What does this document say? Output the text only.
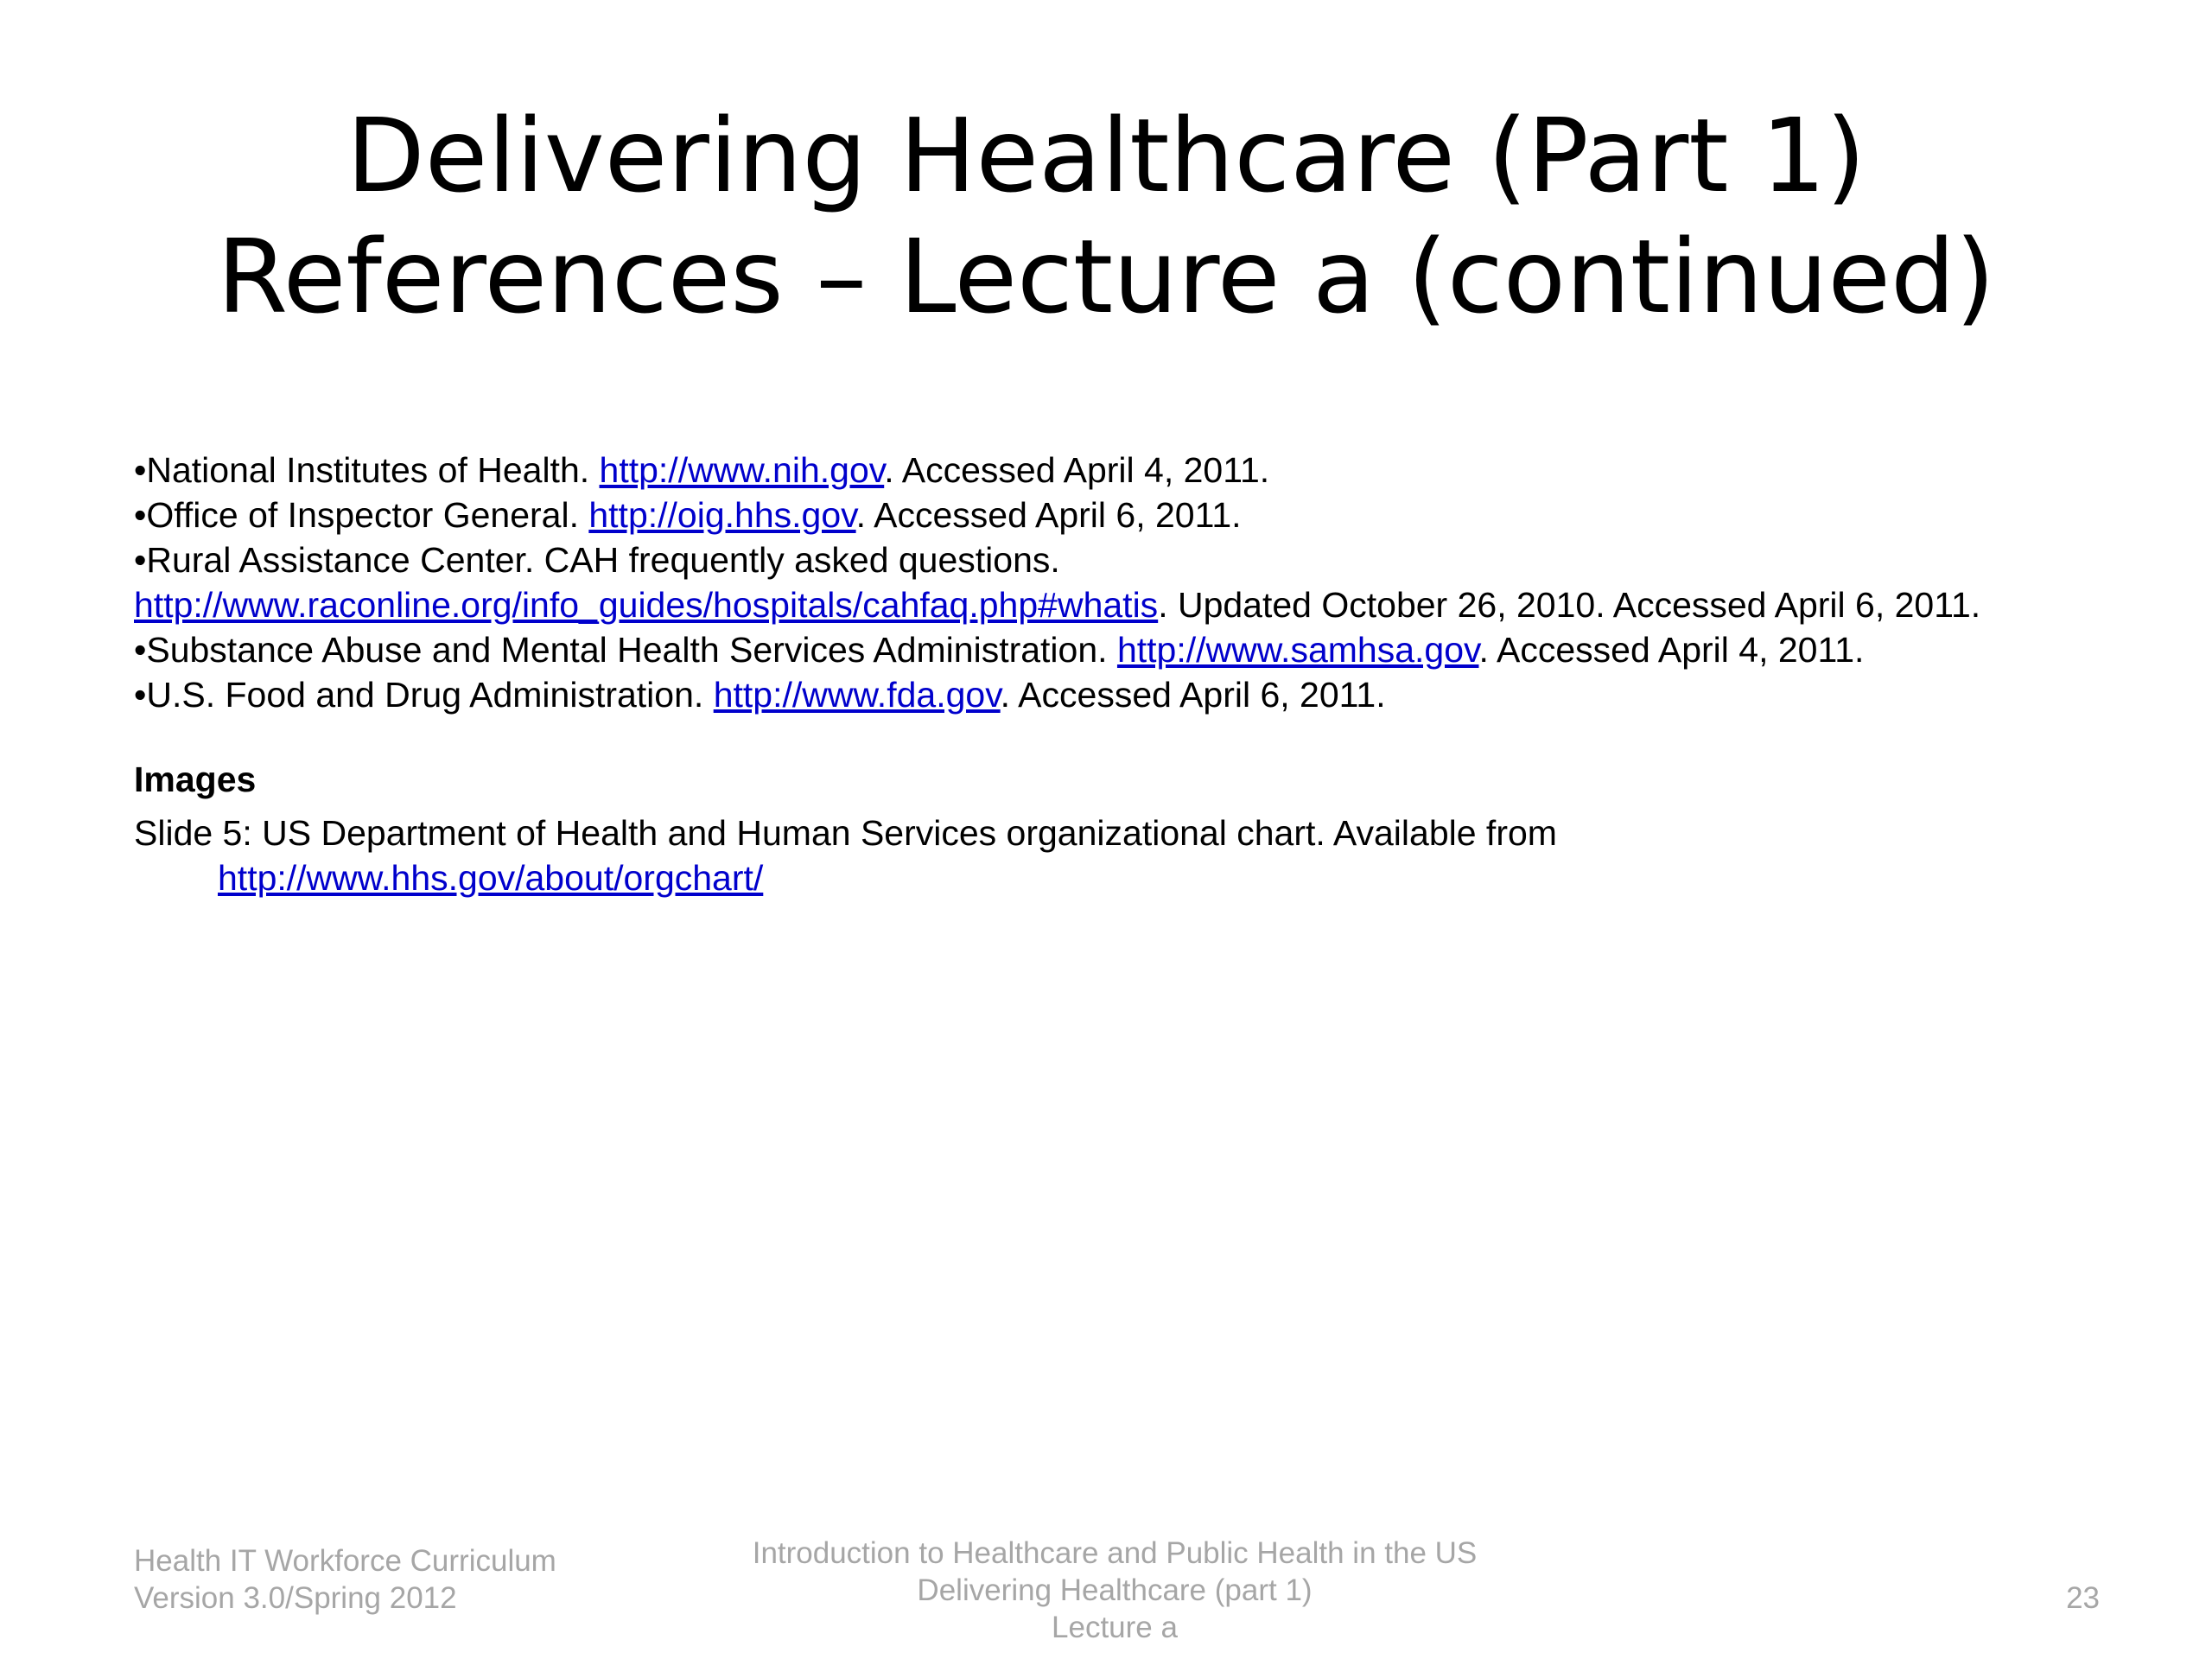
Delivering Healthcare (Part 1)
References – Lecture a (continued)
•National Institutes of Health. http://www.nih.gov. Accessed April 4, 2011.
•Office of Inspector General. http://oig.hhs.gov. Accessed April 6, 2011.
•Rural Assistance Center. CAH frequently asked questions.
http://www.raconline.org/info_guides/hospitals/cahfaq.php#whatis. Updated October 26, 2010. Accessed April 6, 2011.
•Substance Abuse and Mental Health Services Administration. http://www.samhsa.gov. Accessed April 4, 2011.
•U.S. Food and Drug Administration. http://www.fda.gov. Accessed April 6, 2011.
Images
Slide 5: US Department of Health and Human Services organizational chart. Available from
http://www.hhs.gov/about/orgchart/
Health IT Workforce Curriculum
Version 3.0/Spring 2012
Introduction to Healthcare and Public Health in the US
Delivering Healthcare (part 1)
Lecture a
23
